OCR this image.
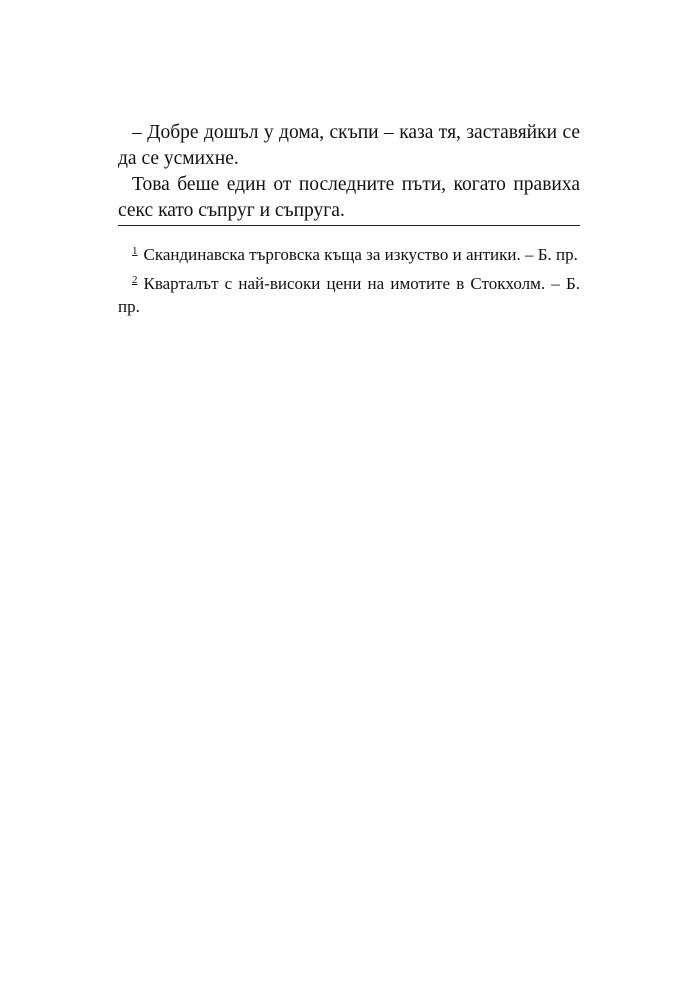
– Добре дошъл у дома, скъпи – каза тя, заставяйки се да се усмихне.

Това беше един от последните пъти, когато правиха секс като съпруг и съпруга.

$^1$ Скандинавска търговска къща за изкуство и антики. – Б. пр.

$^2$ Кварталът с най-високи цени на имотите в Стокхолм. – Б. пр.
